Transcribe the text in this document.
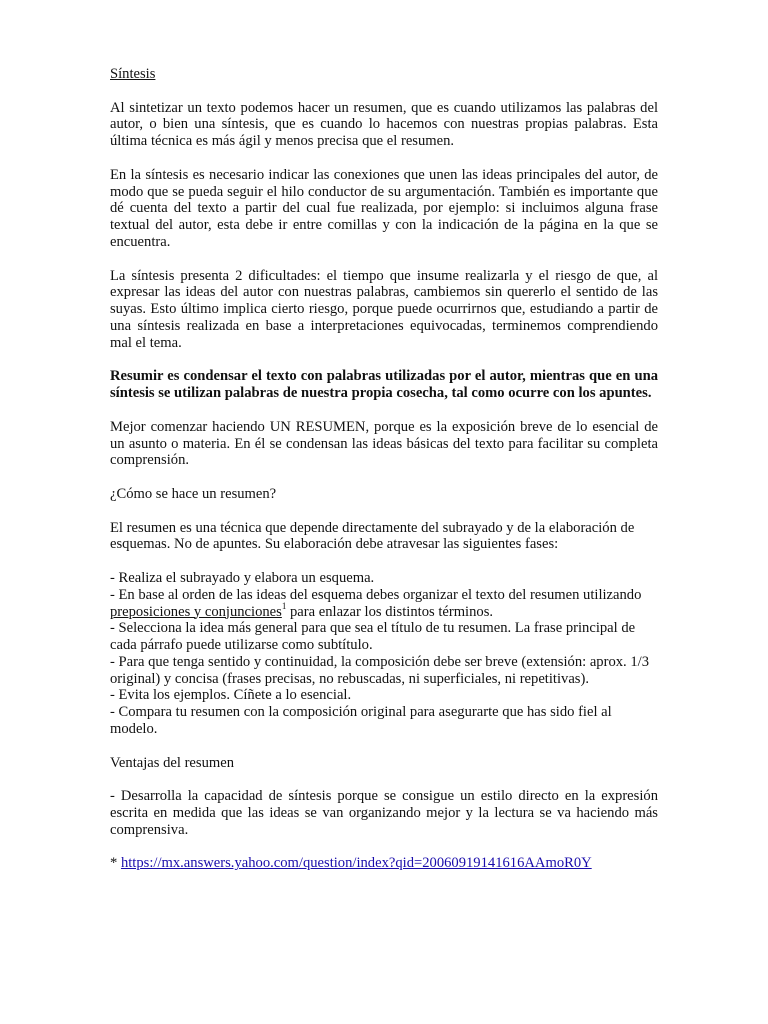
Síntesis

Al sintetizar un texto podemos hacer un resumen, que es cuando utilizamos las palabras del autor, o bien una síntesis, que es cuando lo hacemos con nuestras propias palabras. Esta última técnica es más ágil y menos precisa que el resumen.

En la síntesis es necesario indicar las conexiones que unen las ideas principales del autor, de modo que se pueda seguir el hilo conductor de su argumentación. También es importante que dé cuenta del texto a partir del cual fue realizada, por ejemplo: si incluimos alguna frase textual del autor, esta debe ir entre comillas y con la indicación de la página en la que se encuentra.

La síntesis presenta 2 dificultades: el tiempo que insume realizarla y el riesgo de que, al expresar las ideas del autor con nuestras palabras, cambiemos sin quererlo el sentido de las suyas. Esto último implica cierto riesgo, porque puede ocurrirnos que, estudiando a partir de una síntesis realizada en base a interpretaciones equivocadas, terminemos comprendiendo mal el tema.

Resumir es condensar el texto con palabras utilizadas por el autor, mientras que en una síntesis se utilizan palabras de nuestra propia cosecha, tal como ocurre con los apuntes.

Mejor comenzar haciendo UN RESUMEN, porque es la exposición breve de lo esencial de un asunto o materia. En él se condensan las ideas básicas del texto para facilitar su completa comprensión.

¿Cómo se hace un resumen?

El resumen es una técnica que depende directamente del subrayado y de la elaboración de esquemas. No de apuntes. Su elaboración debe atravesar las siguientes fases:

- Realiza el subrayado y elabora un esquema.
- En base al orden de las ideas del esquema debes organizar el texto del resumen utilizando preposiciones y conjunciones$^1$ para enlazar los distintos términos.
- Selecciona la idea más general para que sea el título de tu resumen. La frase principal de cada párrafo puede utilizarse como subtítulo.
- Para que tenga sentido y continuidad, la composición debe ser breve (extensión: aprox. 1/3 original) y concisa (frases precisas, no rebuscadas, ni superficiales, ni repetitivas).
- Evita los ejemplos. Cíñete a lo esencial.
- Compara tu resumen con la composición original para asegurarte que has sido fiel al modelo.

Ventajas del resumen

- Desarrolla la capacidad de síntesis porque se consigue un estilo directo en la expresión escrita en medida que las ideas se van organizando mejor y la lectura se va haciendo más comprensiva.

* https://mx.answers.yahoo.com/question/index?qid=20060919141616AAmoR0Y
